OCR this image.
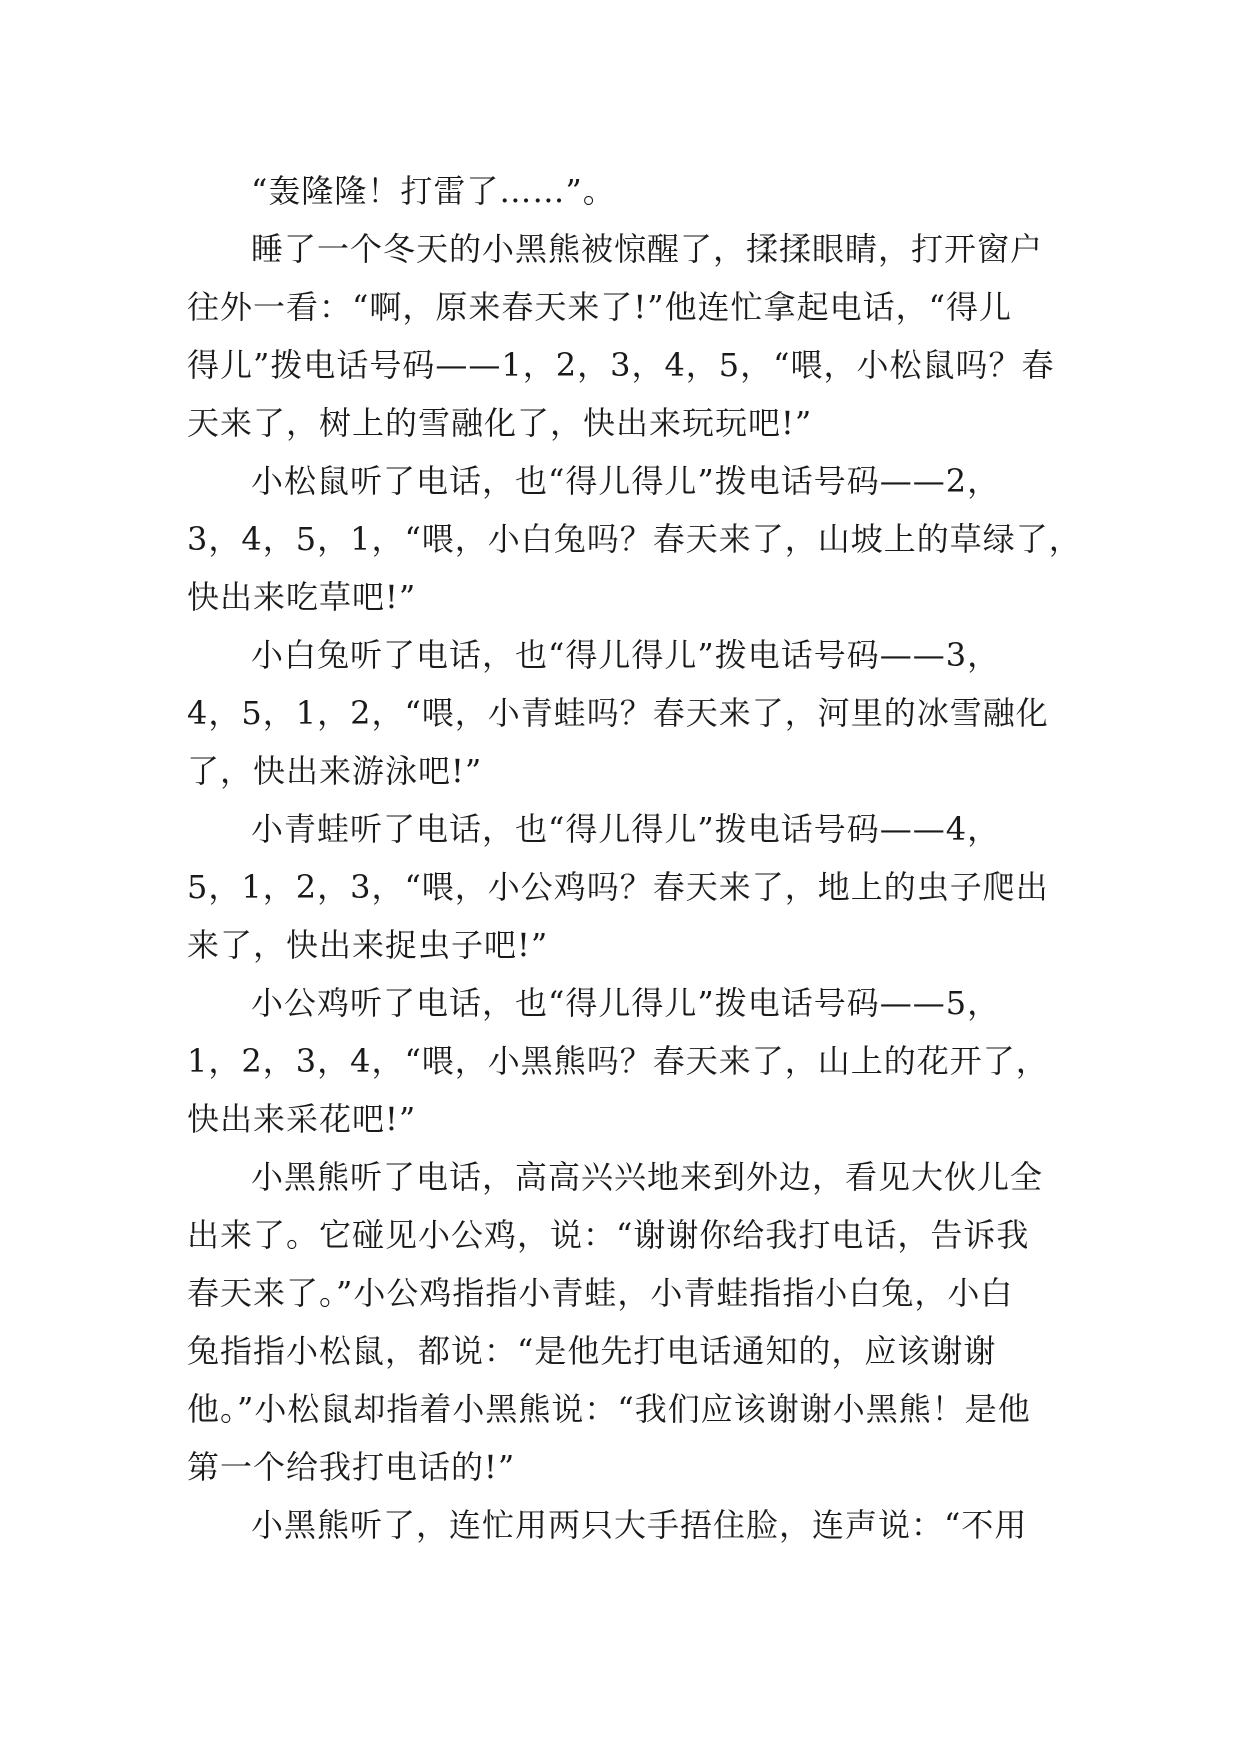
“轰隆隆！打雷了……”。

睡了一个冬天的小黑熊被惊醒了，揉揉眼睛，打开窗户
往外一看：“啊，原来春天来了!”他连忙拿起电话，“得儿
得儿”拨电话号码——1，2，3，4，5，“喂，小松鼠吗？春
天来了，树上的雪融化了，快出来玩玩吧!”

小松鼠听了电话，也“得儿得儿”拨电话号码——2，
3，4，5，1，“喂，小白兔吗？春天来了，山坡上的草绿了，
快出来吃草吧!”

小白兔听了电话，也“得儿得儿”拨电话号码——3，
4，5，1，2，“喂，小青蛙吗？春天来了，河里的冰雪融化
了，快出来游泳吧!”

小青蛙听了电话，也“得儿得儿”拨电话号码——4，
5，1，2，3，“喂，小公鸡吗？春天来了，地上的虫子爬出
来了，快出来捉虫子吧!”

小公鸡听了电话，也“得儿得儿”拨电话号码——5，
1，2，3，4，“喂，小黑熊吗？春天来了，山上的花开了，
快出来采花吧!”

小黑熊听了电话，高高兴兴地来到外边，看见大伙儿全
出来了。它碰见小公鸡，说：“谢谢你给我打电话，告诉我
春天来了。”小公鸡指指小青蛙，小青蛙指指小白兔，小白
兔指指小松鼠，都说：“是他先打电话通知的，应该谢谢
他。”小松鼠却指着小黑熊说：“我们应该谢谢小黑熊！是他
第一个给我打电话的!”

小黑熊听了，连忙用两只大手捂住脸，连声说：“不用
